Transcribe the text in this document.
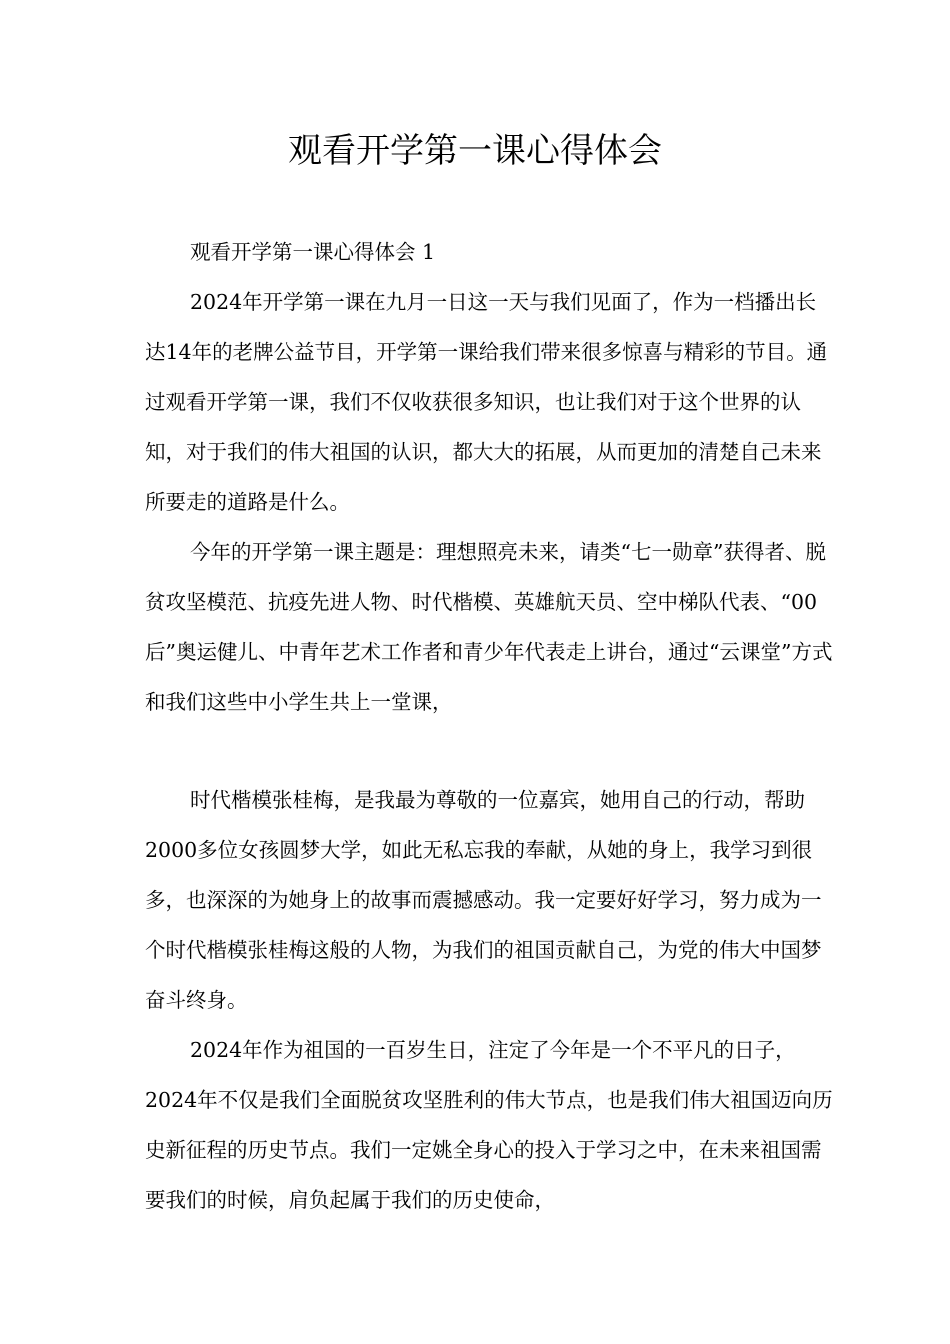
观看开学第一课心得体会
观看开学第一课心得体会 1

2024年开学第一课在九月一日这一天与我们见面了，作为一档播出长达14年的老牌公益节目，开学第一课给我们带来很多惊喜与精彩的节目。通过观看开学第一课，我们不仅收获很多知识，也让我们对于这个世界的认知，对于我们的伟大祖国的认识，都大大的拓展，从而更加的清楚自己未来所要走的道路是什么。

今年的开学第一课主题是：理想照亮未来，请类“七一勋章”获得者、脱贫攻坚模范、抗疫先进人物、时代楷模、英雄航天员、空中梯队代表、“00后”奥运健儿、中青年艺术工作者和青少年代表走上讲台，通过“云课堂”方式和我们这些中小学生共上一堂课，

时代楷模张桂梅，是我最为尊敬的一位嘉宾，她用自己的行动，帮助2000多位女孩圆梦大学，如此无私忘我的奉献，从她的身上，我学习到很多，也深深的为她身上的故事而震撼感动。我一定要好好学习，努力成为一个时代楷模张桂梅这般的人物，为我们的祖国贡献自己，为党的伟大中国梦奋斗终身。

2024年作为祖国的一百岁生日，注定了今年是一个不平凡的日子，2024年不仅是我们全面脱贫攻坚胜利的伟大节点，也是我们伟大祖国迈向历史新征程的历史节点。我们一定姚全身心的投入于学习之中，在未来祖国需要我们的时候，肩负起属于我们的历史使命，
